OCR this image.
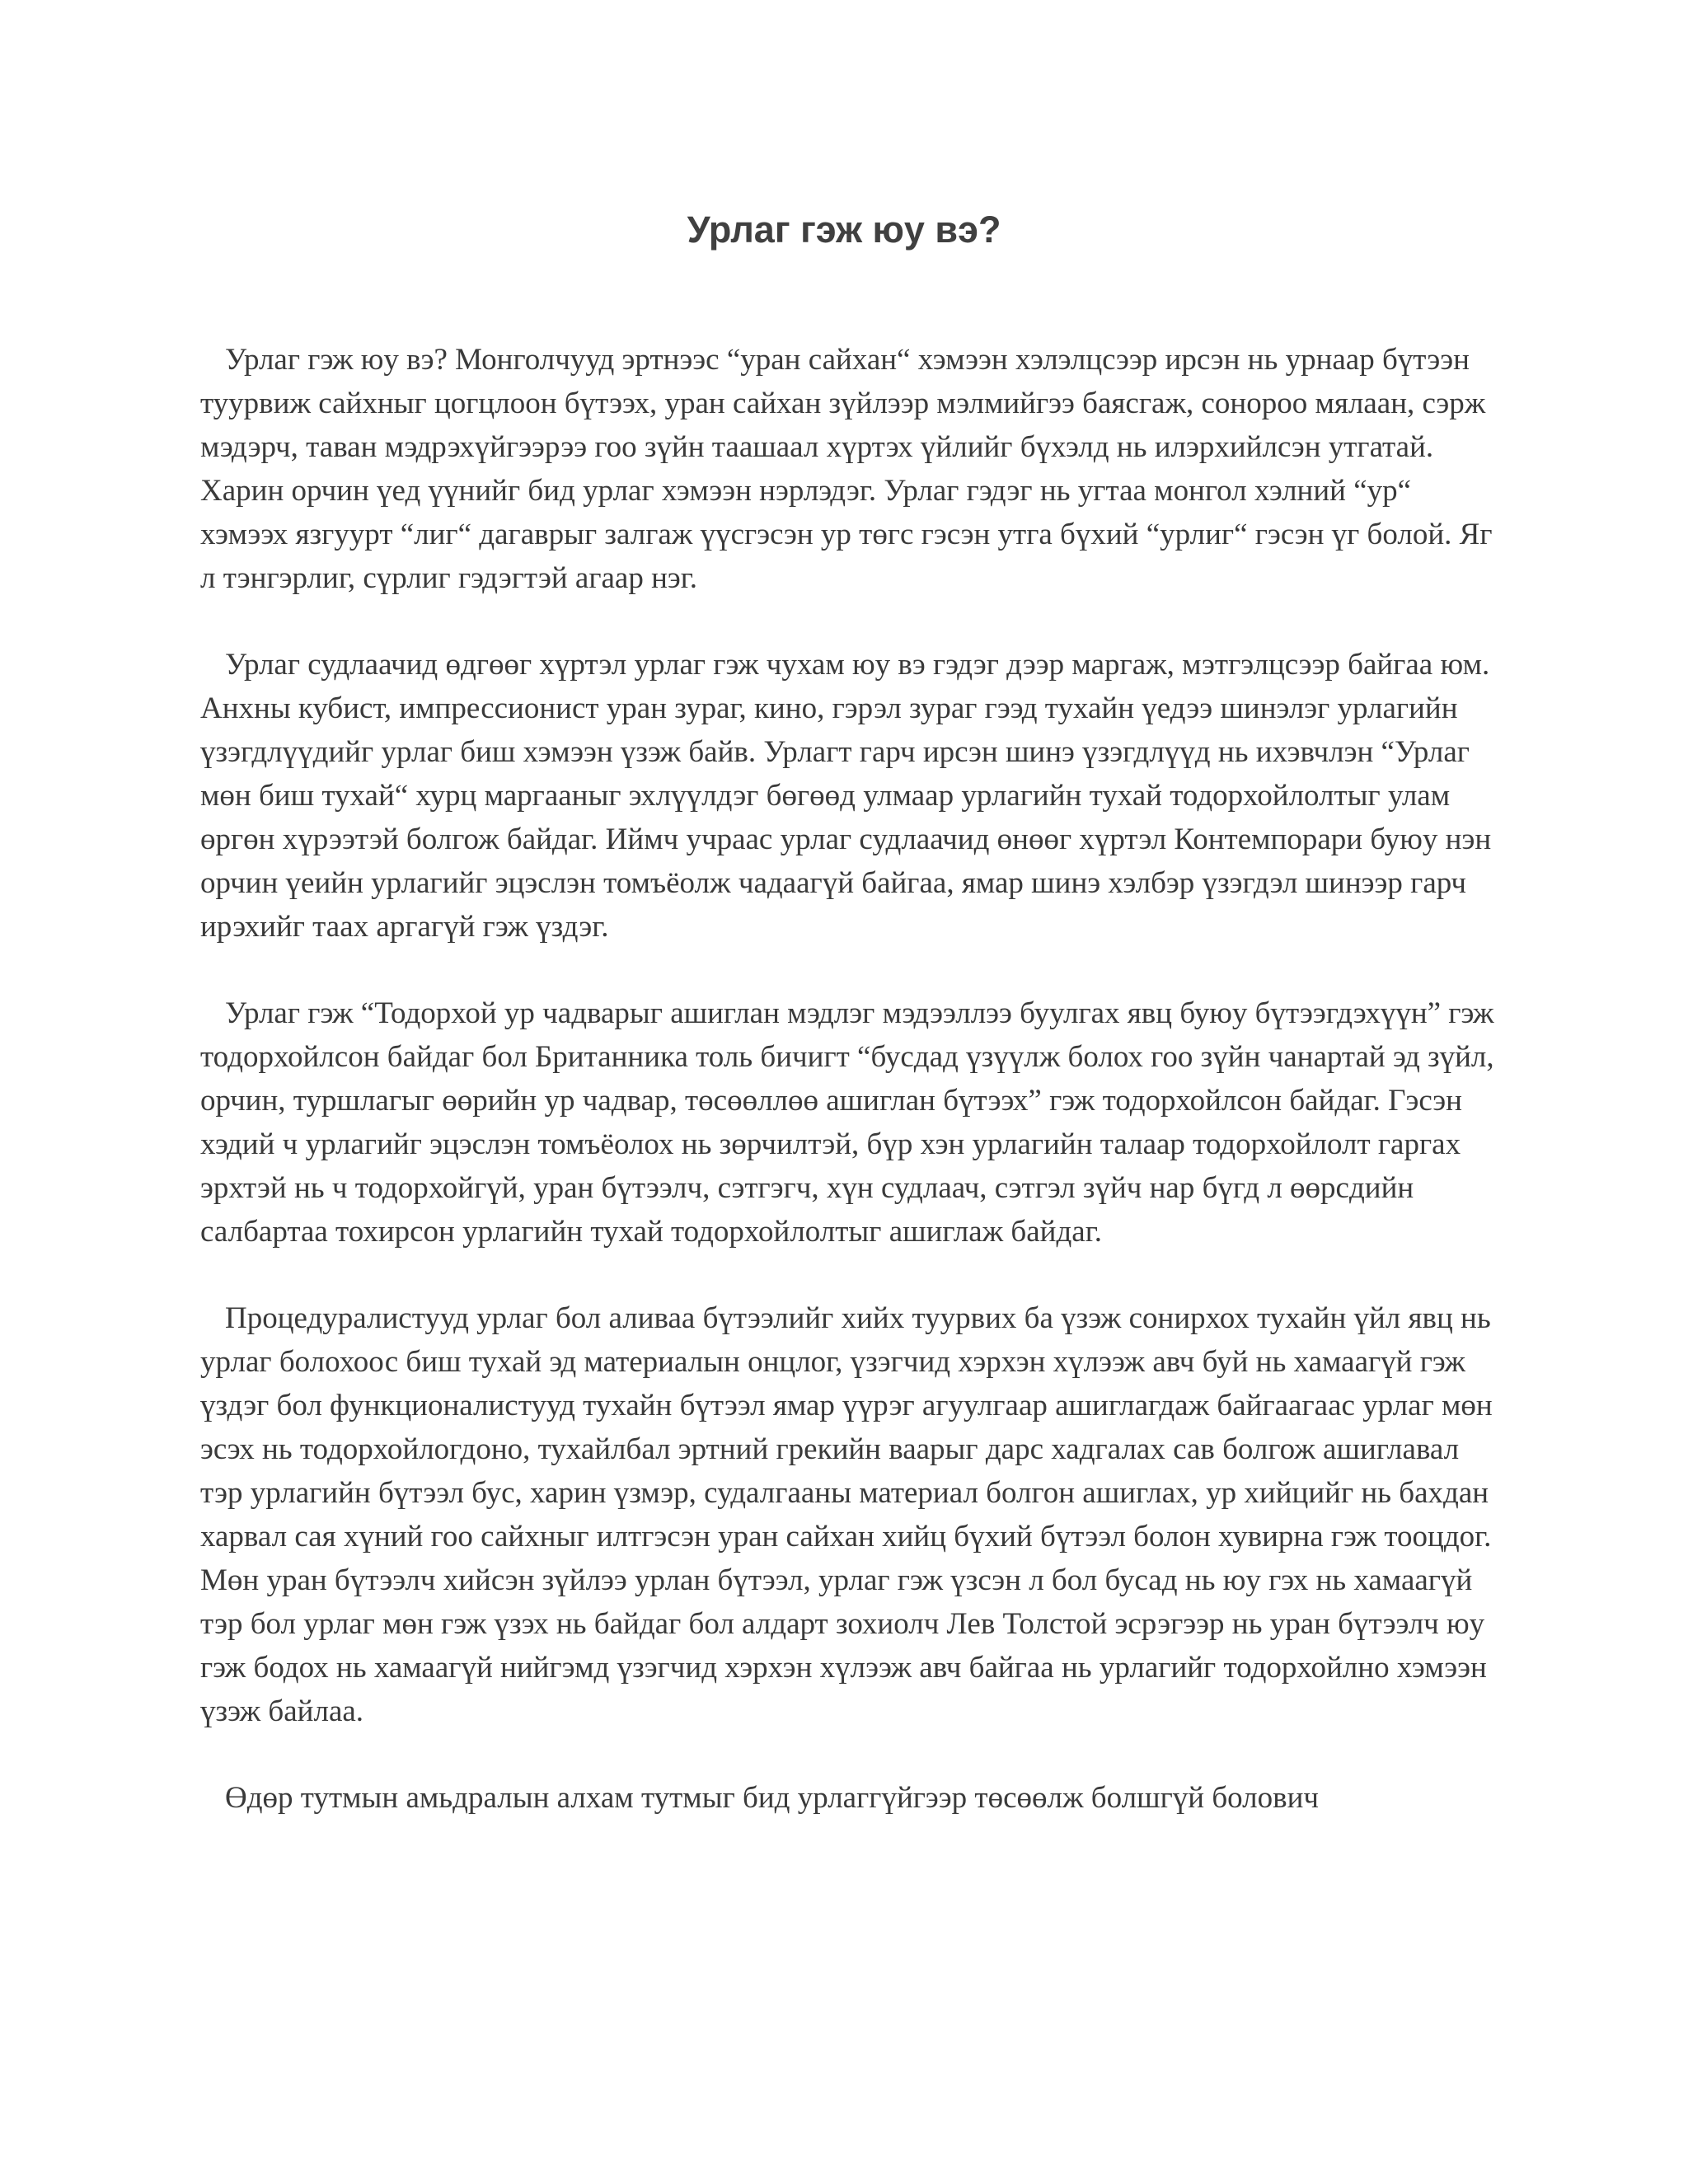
Урлаг гэж юу вэ?

Урлаг гэж юу вэ? Монголчууд эртнээс “уран сайхан“ хэмээн хэлэлцсээр ирсэн нь урнаар бүтээн туурвиж сайхныг цогцлоон бүтээх, уран сайхан зүйлээр мэлмийгээ баясгаж, сонороо мялаан, сэрж мэдэрч, таван мэдрэхүйгээрээ гоо зүйн таашаал хүртэх үйлийг бүхэлд нь илэрхийлсэн утгатай. Харин орчин үед үүнийг бид урлаг хэмээн нэрлэдэг. Урлаг гэдэг нь угтаа монгол хэлний “ур“ хэмээх язгуурт “лиг“ дагаврыг залгаж үүсгэсэн ур төгс гэсэн утга бүхий “урлиг“ гэсэн үг болой. Яг л тэнгэрлиг, сүрлиг гэдэгтэй агаар нэг.

Урлаг судлаачид өдгөөг хүртэл урлаг гэж чухам юу вэ гэдэг дээр маргаж, мэтгэлцсээр байгаа юм. Анхны кубист, импрессионист уран зураг, кино, гэрэл зураг гээд тухайн үедээ шинэлэг урлагийн үзэгдлүүдийг урлаг биш хэмээн үзэж байв. Урлагт гарч ирсэн шинэ үзэгдлүүд нь ихэвчлэн “Урлаг мөн биш тухай“ хурц маргааныг эхлүүлдэг бөгөөд улмаар урлагийн тухай тодорхойлолтыг улам өргөн хүрээтэй болгож байдаг. Иймч учраас урлаг судлаачид өнөөг хүртэл Контемпорари буюу нэн орчин үеийн урлагийг эцэслэн томъёолж чадаагүй байгаа, ямар шинэ хэлбэр үзэгдэл шинээр гарч ирэхийг таах аргагүй гэж үздэг.

Урлаг гэж “Тодорхой ур чадварыг ашиглан мэдлэг мэдээллээ буулгах явц буюу бүтээгдэхүүн” гэж тодорхойлсон байдаг бол Британника толь бичигт “бусдад үзүүлж болох гоо зүйн чанартай эд зүйл, орчин, туршлагыг өөрийн ур чадвар, төсөөллөө ашиглан бүтээх” гэж тодорхойлсон байдаг. Гэсэн хэдий ч урлагийг эцэслэн томъёолох нь зөрчилтэй, бүр хэн урлагийн талаар тодорхойлолт гаргах эрхтэй нь ч тодорхойгүй, уран бүтээлч, сэтгэгч, хүн судлаач, сэтгэл зүйч нар бүгд л өөрсдийн салбартаа тохирсон урлагийн тухай тодорхойлолтыг ашиглаж байдаг.

Процедуралистууд урлаг бол аливаа бүтээлийг хийх туурвих ба үзэж сонирхох тухайн үйл явц нь урлаг болохоос биш тухай эд материалын онцлог, үзэгчид хэрхэн хүлээж авч буй нь хамаагүй гэж үздэг бол функционалистууд тухайн бүтээл ямар үүрэг агуулгаар ашиглагдаж байгаагаас урлаг мөн эсэх нь тодорхойлогдоно, тухайлбал эртний грекийн ваарыг дарс хадгалах сав болгож ашиглавал тэр урлагийн бүтээл бус, харин үзмэр, судалгааны материал болгон ашиглах, ур хийцийг нь бахдан харвал сая хүний гоо сайхныг илтгэсэн уран сайхан хийц бүхий бүтээл болон хувирна гэж тооцдог. Мөн уран бүтээлч хийсэн зүйлээ урлан бүтээл, урлаг гэж үзсэн л бол бусад нь юу гэх нь хамаагүй тэр бол урлаг мөн гэж үзэх нь байдаг бол алдарт зохиолч Лев Толстой эсрэгээр нь уран бүтээлч юу гэж бодох нь хамаагүй нийгэмд үзэгчид хэрхэн хүлээж авч байгаа нь урлагийг тодорхойлно хэмээн үзэж байлаа.

Өдөр тутмын амьдралын алхам тутмыг бид урлаггүйгээр төсөөлж болшгүй болович
